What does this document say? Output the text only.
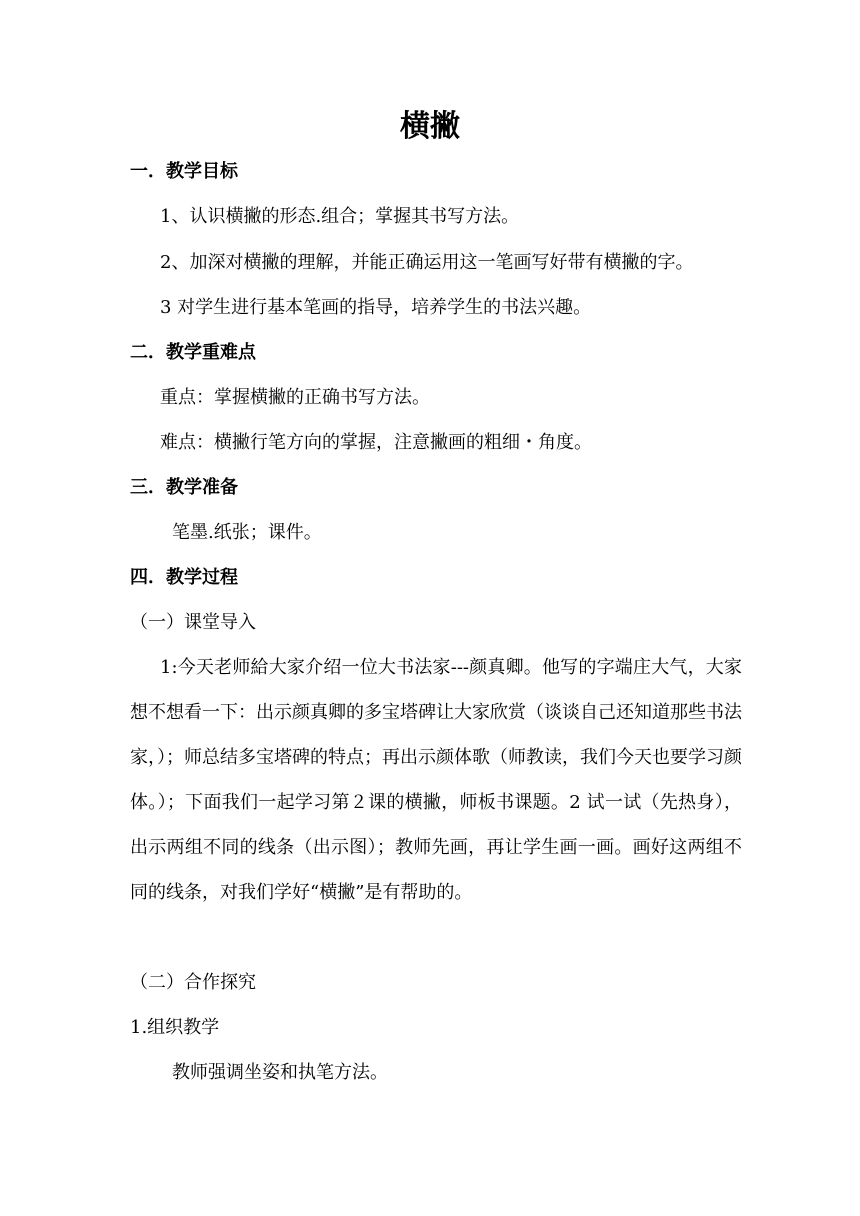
横撇
一．教学目标
1、认识横撇的形态.组合；掌握其书写方法。
2、加深对横撇的理解，并能正确运用这一笔画写好带有横撇的字。
3 对学生进行基本笔画的指导，培养学生的书法兴趣。
二．教学重难点
重点：掌握横撇的正确书写方法。
难点：横撇行笔方向的掌握，注意撇画的粗细・角度。
三．教学准备
笔墨.纸张；课件。
四．教学过程
（一）课堂导入
1:今天老师給大家介绍一位大书法家---颜真卿。他写的字端庄大气，大家想不想看一下：出示颜真卿的多宝塔碑让大家欣赏（谈谈自己还知道那些书法家，）；师总结多宝塔碑的特点；再出示颜体歌（师教读，我们今天也要学习颜体。）；下面我们一起学习第２课的横撇，师板书课题。2 试一试（先热身），出示两组不同的线条（出示图）；教师先画，再让学生画一画。画好这两组不同的线条，对我们学好“横撇”是有帮助的。
（二）合作探究
1.组织教学
教师强调坐姿和执笔方法。
